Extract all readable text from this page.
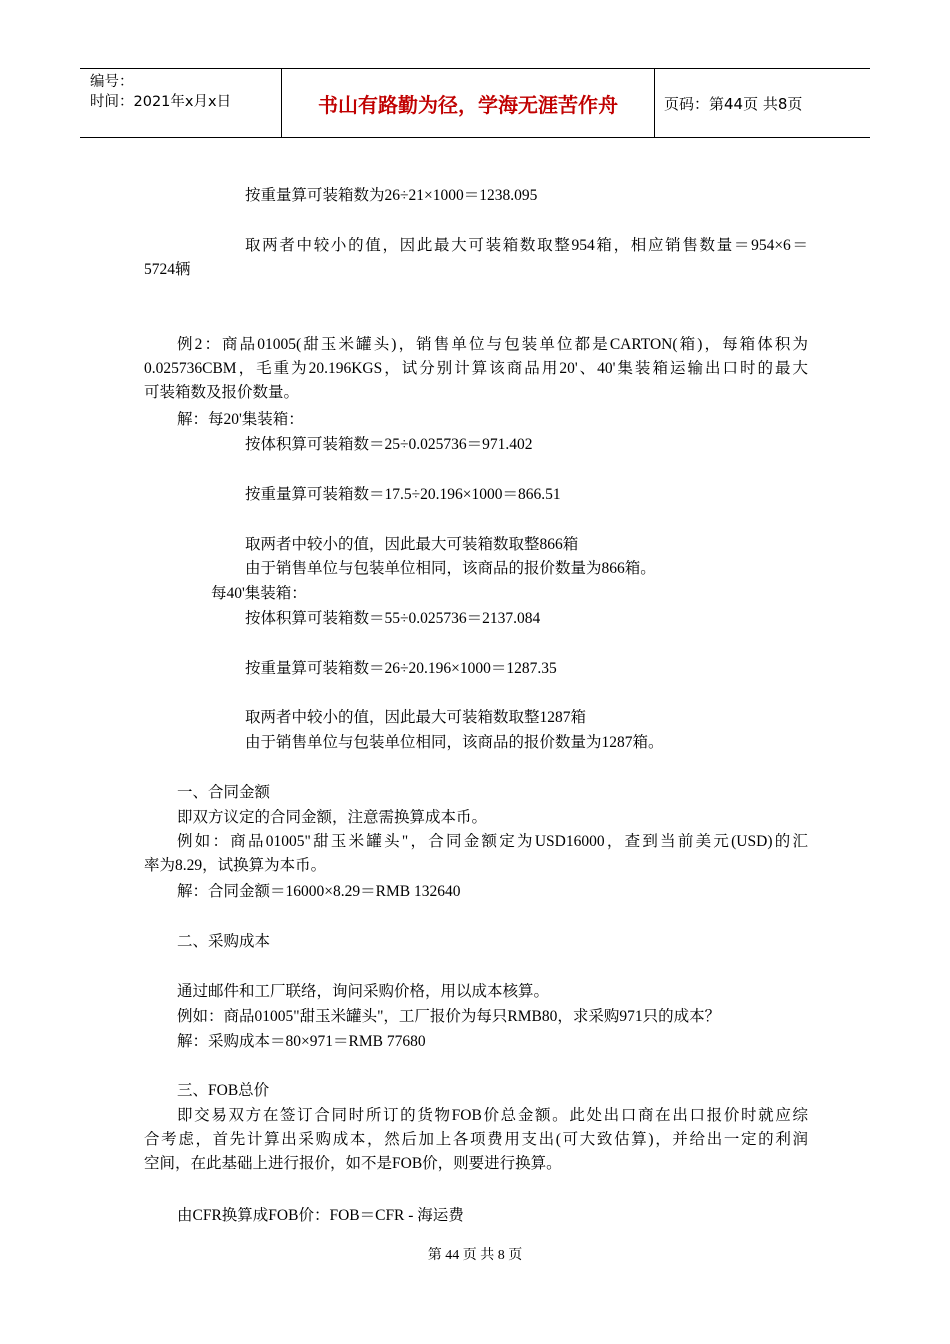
编号：
时间：2021年x月x日	书山有路勤为径，学海无涯苦作舟	页码：第44页 共8页
按重量算可装箱数为26÷21×1000＝1238.095
取两者中较小的值，因此最大可装箱数取整954箱，相应销售数量＝954×6＝
5724辆
例2：商品01005(甜玉米罐头)，销售单位与包装单位都是CARTON(箱)，每箱体积为
0.025736CBM，毛重为20.196KGS，试分别计算该商品用20'、40'集装箱运输出口时的最大
可装箱数及报价数量。
解：每20'集装箱：
按体积算可装箱数＝25÷0.025736＝971.402
按重量算可装箱数＝17.5÷20.196×1000＝866.51
取两者中较小的值，因此最大可装箱数取整866箱
由于销售单位与包装单位相同，该商品的报价数量为866箱。
每40'集装箱：
按体积算可装箱数＝55÷0.025736＝2137.084
按重量算可装箱数＝26÷20.196×1000＝1287.35
取两者中较小的值，因此最大可装箱数取整1287箱
由于销售单位与包装单位相同，该商品的报价数量为1287箱。
一、合同金额
即双方议定的合同金额，注意需换算成本币。
例如：商品01005"甜玉米罐头"，合同金额定为USD16000，查到当前美元(USD)的汇
率为8.29，试换算为本币。
解：合同金额＝16000×8.29＝RMB 132640
二、采购成本
通过邮件和工厂联络，询问采购价格，用以成本核算。
例如：商品01005"甜玉米罐头"，工厂报价为每只RMB80，求采购971只的成本？
解：采购成本＝80×971＝RMB 77680
三、FOB总价
即交易双方在签订合同时所订的货物FOB价总金额。此处出口商在出口报价时就应综
合考虑，首先计算出采购成本，然后加上各项费用支出(可大致估算)，并给出一定的利润
空间，在此基础上进行报价，如不是FOB价，则要进行换算。
由CFR换算成FOB价：FOB＝CFR - 海运费
第 44 页 共 8 页
